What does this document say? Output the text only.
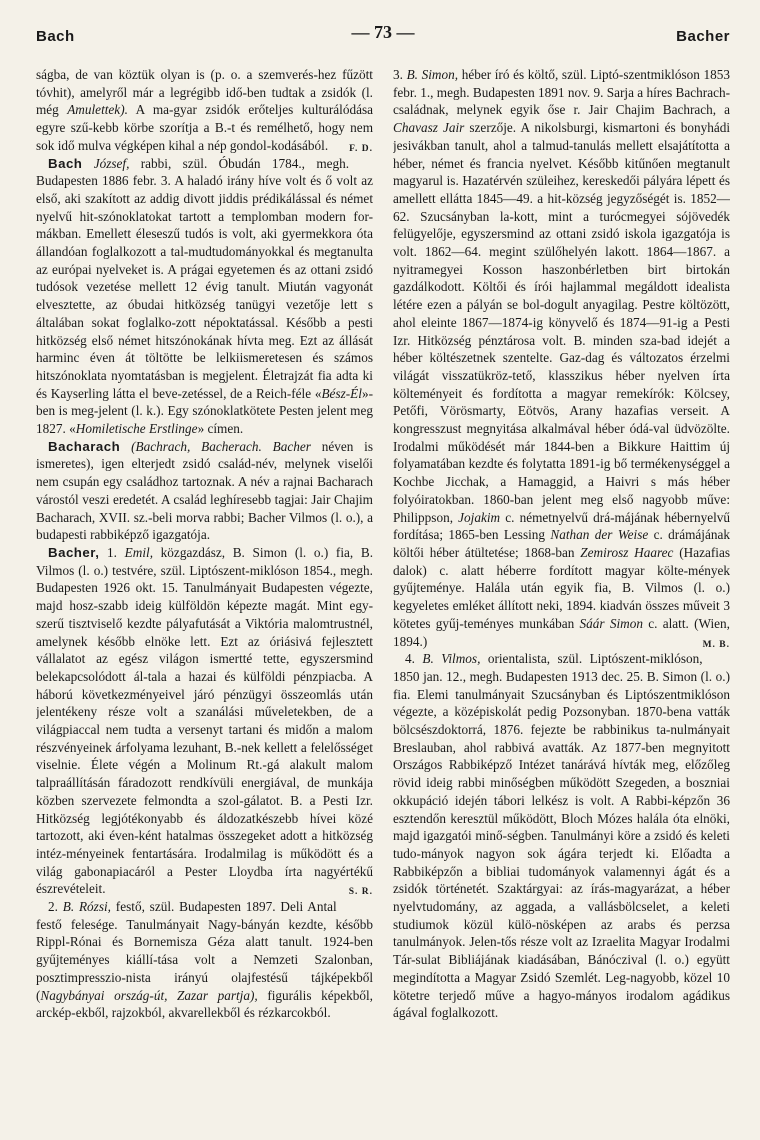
Bach	— 73 —	Bacher

ságba, de van köztük olyan is (p. o. a szemverés-hez fűzött tóvhit), amelyről már a legrégibb idő-ben tudtak a zsidók (l. még Amulettek). A ma-gyar zsidók erőteljes kulturálódása egyre szű-kebb körbe szorítja a B.-t és remélhető, hogy nem sok idő mulva végképen kihal a nép gondol-kodásából. F. D.

Bach József, rabbi, szül. Óbudán 1784., megh. Budapesten 1886 febr. 3. A haladó irány híve volt és ő volt az első, aki szakított az addig divott jiddis prédikálással és német nyelvű hit-szónoklatokat tartott a templomban modern for-mákban. Emellett éleseszű tudós is volt, aki gyermekkora óta állandóan foglalkozott a tal-mudtudományokkal és megtanulta az európai nyelveket is. A prágai egyetemen és az ottani zsidó tudósok vezetése mellett 12 évig tanult. Miután vagyonát elvesztette, az óbudai hitközség tanügyi vezetője lett s általában sokat foglalko-zott népoktatással. Később a pesti hitközség első német hitszónokának hívta meg. Ezt az állását harminc éven át töltötte be lelkiismeretesen és számos hitszónoklata nyomtatásban is megjelent. Életrajzát fia adta ki és Kayserling látta el beve-zetéssel, de a Reich-féle «Bész-Él»-ben is meg-jelent (l. k.). Egy szónoklatkötete Pesten jelent meg 1827. «Homiletische Erstlinge» címen.

Bacharach (Bachrach, Bacherach. Bacher néven is ismeretes), igen elterjedt zsidó család-név, melynek viselői nem csupán egy családhoz tartoznak. A név a rajnai Bacharach várostól veszi eredetét. A család leghíresebb tagjai: Jair Chajim Bacharach, XVII. sz.-beli morva rabbi; Bacher Vilmos (l. o.), a budapesti rabbiképző igazgatója.

Bacher, 1. Emil, közgazdász, B. Simon (l. o.) fia, B. Vilmos (l. o.) testvére, szül. Liptószent-miklóson 1854., megh. Budapesten 1926 okt. 15. Tanulmányait Budapesten végezte, majd hosz-szabb ideig külföldön képezte magát. Mint egy-szerű tisztviselő kezdte pályafutását a Viktória malomtrustnél, amelynek később elnöke lett. Ezt az óriásivá fejlesztett vállalatot az egész világon ismertté tette, egyszersmind belekapcsolódott ál-tala a hazai és külföldi pénzpiacba. A háború következményeivel járó pénzügyi összeomlás után jelentékeny része volt a szanálási műveletekben, de a világpiaccal nem tudta a versenyt tartani és midőn a malom részvényeinek árfolyama lezuhant, B.-nek kellett a felelősséget viselnie. Élete végén a Molinum Rt.-gá alakult malom talpraállításán fáradozott rendkívüli energiával, de munkája közben szervezete felmondta a szol-gálatot. B. a Pesti Izr. Hitközség legjótékonyabb és áldozatkészebb hívei közé tartozott, aki éven-ként hatalmas összegeket adott a hitközség intéz-ményeinek fentartására. Irodalmilag is működött és a világ gabonapiacáról a Pester Lloydba írta nagyértékű észrevételeit.	S. R.

2. B. Rózsi, festő, szül. Budapesten 1897. Deli Antal festő felesége. Tanulmányait Nagy-bányán kezdte, később Rippl-Rónai és Bornemisza Géza alatt tanult. 1924-ben gyűjteményes kiállí-tása volt a Nemzeti Szalonban, posztimpresszio-nista irányú olajfestésű tájképekből (Nagybányai ország-út, Zazar partja), figurális képekből, arckép-ekből, rajzokból, akvarellekből és rézkarcokból.

3. B. Simon, héber író és költő, szül. Liptó-szentmiklóson 1853 febr. 1., megh. Budapesten 1891 nov. 9. Sarja a híres Bachrach-családnak, melynek egyik őse r. Jair Chajim Bachrach, a Chavasz Jair szerzője. A nikolsburgi, kismartoni és bonyhádi jesivákban tanult, ahol a talmud-tanulás mellett elsajátította a héber, német és francia nyelvet. Később kitűnően megtanult magyarul is. Hazatérvén szüleihez, kereskedői pályára lépett és amellett ellátta 1845—49. a hit-község jegyzőségét is. 1852—62. Szucsányban la-kott, mint a turócmegyei sójövedék felügyelője, egyszersmind az ottani zsidó iskola igazgatója is volt. 1862—64. megint szülőhelyén lakott. 1864—1867. a nyitramegyei Kosson haszonbérletben birt birtokán gazdálkodott. Költői és írói hajlammal megáldott idealista létére ezen a pályán se bol-dogult anyagilag. Pestre költözött, ahol eleinte 1867—1874-ig könyvelő és 1874—91-ig a Pesti Izr. Hitközség pénztárosa volt. B. minden sza-bad idejét a héber költészetnek szentelte. Gaz-dag és változatos érzelmi világát visszatükröz-tető, klasszikus héber nyelven írta költeményeit és fordította a magyar remekírók: Kölcsey, Petőfi, Vörösmarty, Eötvös, Arany hazafias verseit. A kongresszust megnyitása alkalmával héber ódá-val üdvözölte. Irodalmi működését már 1844-ben a Bikkure Haittim új folyamatában kezdte és folytatta 1891-ig bő termékenységgel a Kochbe Jicchak, a Hamaggid, a Haivri s más héber folyóiratokban. 1860-ban jelent meg első nagyobb műve: Philippson, Jojakim c. németnyelvű drá-májának hébernyelvű fordítása; 1865-ben Lessing Nathan der Weise c. drámájának költői héber átültetése; 1868-ban Zemirosz Haarec (Hazafias dalok) c. alatt héberre fordított magyar költe-mények gyűjteménye. Halála után egyik fia, B. Vilmos (l. o.) kegyeletes emléket állított neki, 1894. kiadván összes műveit 3 kötetes gyűj-teményes munkában Sáár Simon c. alatt. (Wien, 1894.)	M. B.

4. B. Vilmos, orientalista, szül. Liptószent-miklóson, 1850 jan. 12., megh. Budapesten 1913 dec. 25. B. Simon (l. o.) fia. Elemi tanulmányait Szucsányban és Liptószentmiklóson végezte, a középiskolát pedig Pozsonyban. 1870-bena vatták bölcsészdoktorrá, 1876. fejezte be rabbinikus ta-nulmányait Breslauban, ahol rabbivá avatták. Az 1877-ben megnyitott Országos Rabbiképző Intézet tanárává hívták meg, előzőleg rövid ideig rabbi minőségben működött Szegeden, a boszniai okkupáció idején tábori lelkész is volt. A Rabbi-képzőn 36 esztendőn keresztül működött, Bloch Mózes halála óta elnöki, majd igazgatói minő-ségben. Tanulmányi köre a zsidó és keleti tudo-mányok nagyon sok ágára terjedt ki. Előadta a Rabbiképzőn a bibliai tudományok valamennyi ágát és a zsidók történetét. Szaktárgyai: az írás-magyarázat, a héber nyelvtudomány, az aggada, a vallásbölcselet, a keleti studiumok közül külö-nösképen az arabs és perzsa tanulmányok. Jelen-tős része volt az Izraelita Magyar Irodalmi Tár-sulat Bibliájának kiadásában, Bánóczival (l. o.) együtt megindította a Magyar Zsidó Szemlét. Leg-nagyobb, közel 10 kötetre terjedő műve a hagyo-mányos irodalom agádikus ágával foglalkozott.
